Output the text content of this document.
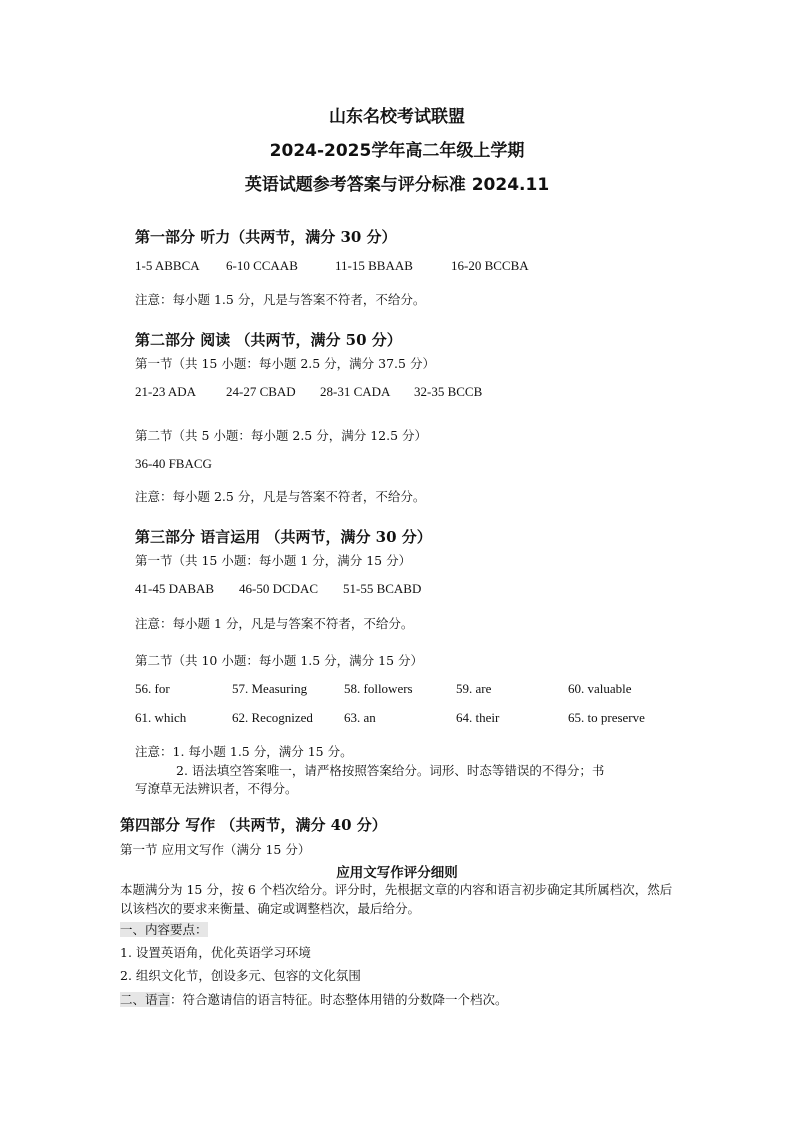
山东名校考试联盟
2024-2025学年高二年级上学期
英语试题参考答案与评分标准 2024.11
第一部分 听力（共两节，满分 30 分）
1-5 ABBCA 6-10 CCAAB	11-15 BBAAB	16-20 BCCBA
注意：每小题 1.5 分，凡是与答案不符者，不给分。
第二部分 阅读 （共两节，满分 50 分）
第一节（共 15 小题：每小题 2.5 分，满分 37.5 分）
21-23 ADA 24-27 CBAD 28-31 CADA 32-35 BCCB
第二节（共 5 小题：每小题 2.5 分，满分 12.5 分）
36-40 FBACG
注意：每小题 2.5 分，凡是与答案不符者，不给分。
第三部分 语言运用 （共两节，满分 30 分）
第一节（共 15 小题：每小题 1 分，满分 15 分）
41-45 DABAB 46-50 DCDAC 51-55 BCABD
注意：每小题 1 分，凡是与答案不符者，不给分。
第二节（共 10 小题：每小题 1.5 分，满分 15 分）
56. for	57. Measuring	58. followers	59. are	60. valuable
61. which	62. Recognized 63. an	64. their	65. to preserve
注意：1. 每小题 1.5 分，满分 15 分。
2. 语法填空答案唯一，请严格按照答案给分。词形、时态等错误的不得分；书
写潦草无法辨识者，不得分。
第四部分 写作 （共两节，满分 40 分）
第一节 应用文写作（满分 15 分）
应用文写作评分细则
本题满分为 15 分，按 6 个档次给分。评分时，先根据文章的内容和语言初步确定其所属档次，然后以该档次的要求来衡量、确定或调整档次，最后给分。
一、内容要点：
1. 设置英语角，优化英语学习环境
2. 组织文化节，创设多元、包容的文化氛围
二、语言：符合邀请信的语言特征。时态整体用错的分数降一个档次。
